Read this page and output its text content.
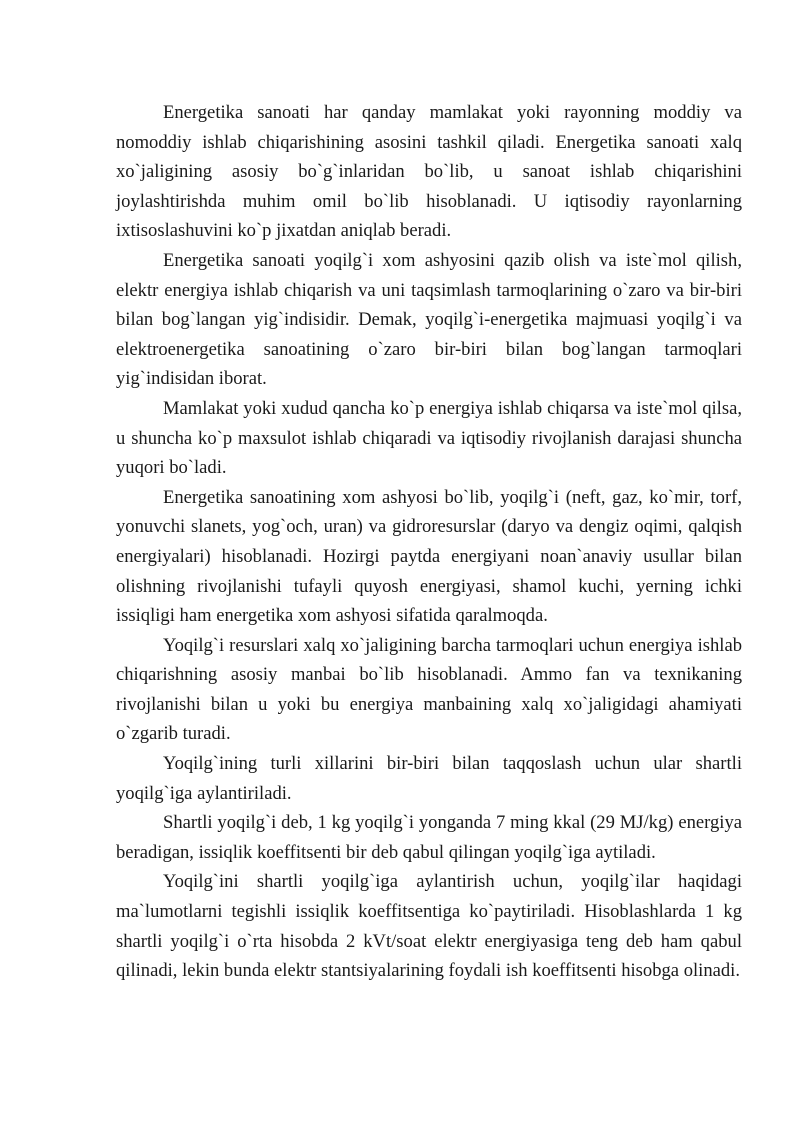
Energetika sanoati har qanday mamlakat yoki rayonning moddiy va nomoddiy ishlab chiqarishining asosini tashkil qiladi. Energetika sanoati xalq xo`jaligining asosiy bo`g`inlaridan bo`lib, u sanoat ishlab chiqarishini joylashtirishda muhim omil bo`lib hisoblanadi. U iqtisodiy rayonlarning ixtisoslashuvini ko`p jixatdan aniqlab beradi.

Energetika sanoati yoqilg`i xom ashyosini qazib olish va iste`mol qilish, elektr energiya ishlab chiqarish va uni taqsimlash tarmoqlarining o`zaro va bir-biri bilan bog`langan yig`indisidir. Demak, yoqilg`i-energetika majmuasi yoqilg`i va elektroenergetika sanoatining o`zaro bir-biri bilan bog`langan tarmoqlari yig`indisidan iborat.

Mamlakat yoki xudud qancha ko`p energiya ishlab chiqarsa va iste`mol qilsa, u shuncha ko`p maxsulot ishlab chiqaradi va iqtisodiy rivojlanish darajasi shuncha yuqori bo`ladi.

Energetika sanoatining xom ashyosi bo`lib, yoqilg`i (neft, gaz, ko`mir, torf, yonuvchi slanets, yog`och, uran) va gidroresurslar (daryo va dengiz oqimi, qalqish energiyalari) hisoblanadi. Hozirgi paytda energiyani noan`anaviy usullar bilan olishning rivojlanishi tufayli quyosh energiyasi, shamol kuchi, yerning ichki issiqligi ham energetika xom ashyosi sifatida qaralmoqda.

Yoqilg`i resurslari xalq xo`jaligining barcha tarmoqlari uchun energiya ishlab chiqarishning asosiy manbai bo`lib hisoblanadi. Ammo fan va texnikaning rivojlanishi bilan u yoki bu energiya manbaining xalq xo`jaligidagi ahamiyati o`zgarib turadi.

Yoqilg`ining turli xillarini bir-biri bilan taqqoslash uchun ular shartli yoqilg`iga aylantiriladi.

Shartli yoqilg`i deb, 1 kg yoqilg`i yonganda 7 ming kkal (29 MJ/kg) energiya beradigan, issiqlik koeffitsenti bir deb qabul qilingan yoqilg`iga aytiladi.

Yoqilg`ini shartli yoqilg`iga aylantirish uchun, yoqilg`ilar haqidagi ma`lumotlarni tegishli issiqlik koeffitsentiga ko`paytiriladi. Hisoblashlarda 1 kg shartli yoqilg`i o`rta hisobda 2 kVt/soat elektr energiyasiga teng deb ham qabul qilinadi, lekin bunda elektr stantsiyalarining foydali ish koeffitsenti hisobga olinadi.
